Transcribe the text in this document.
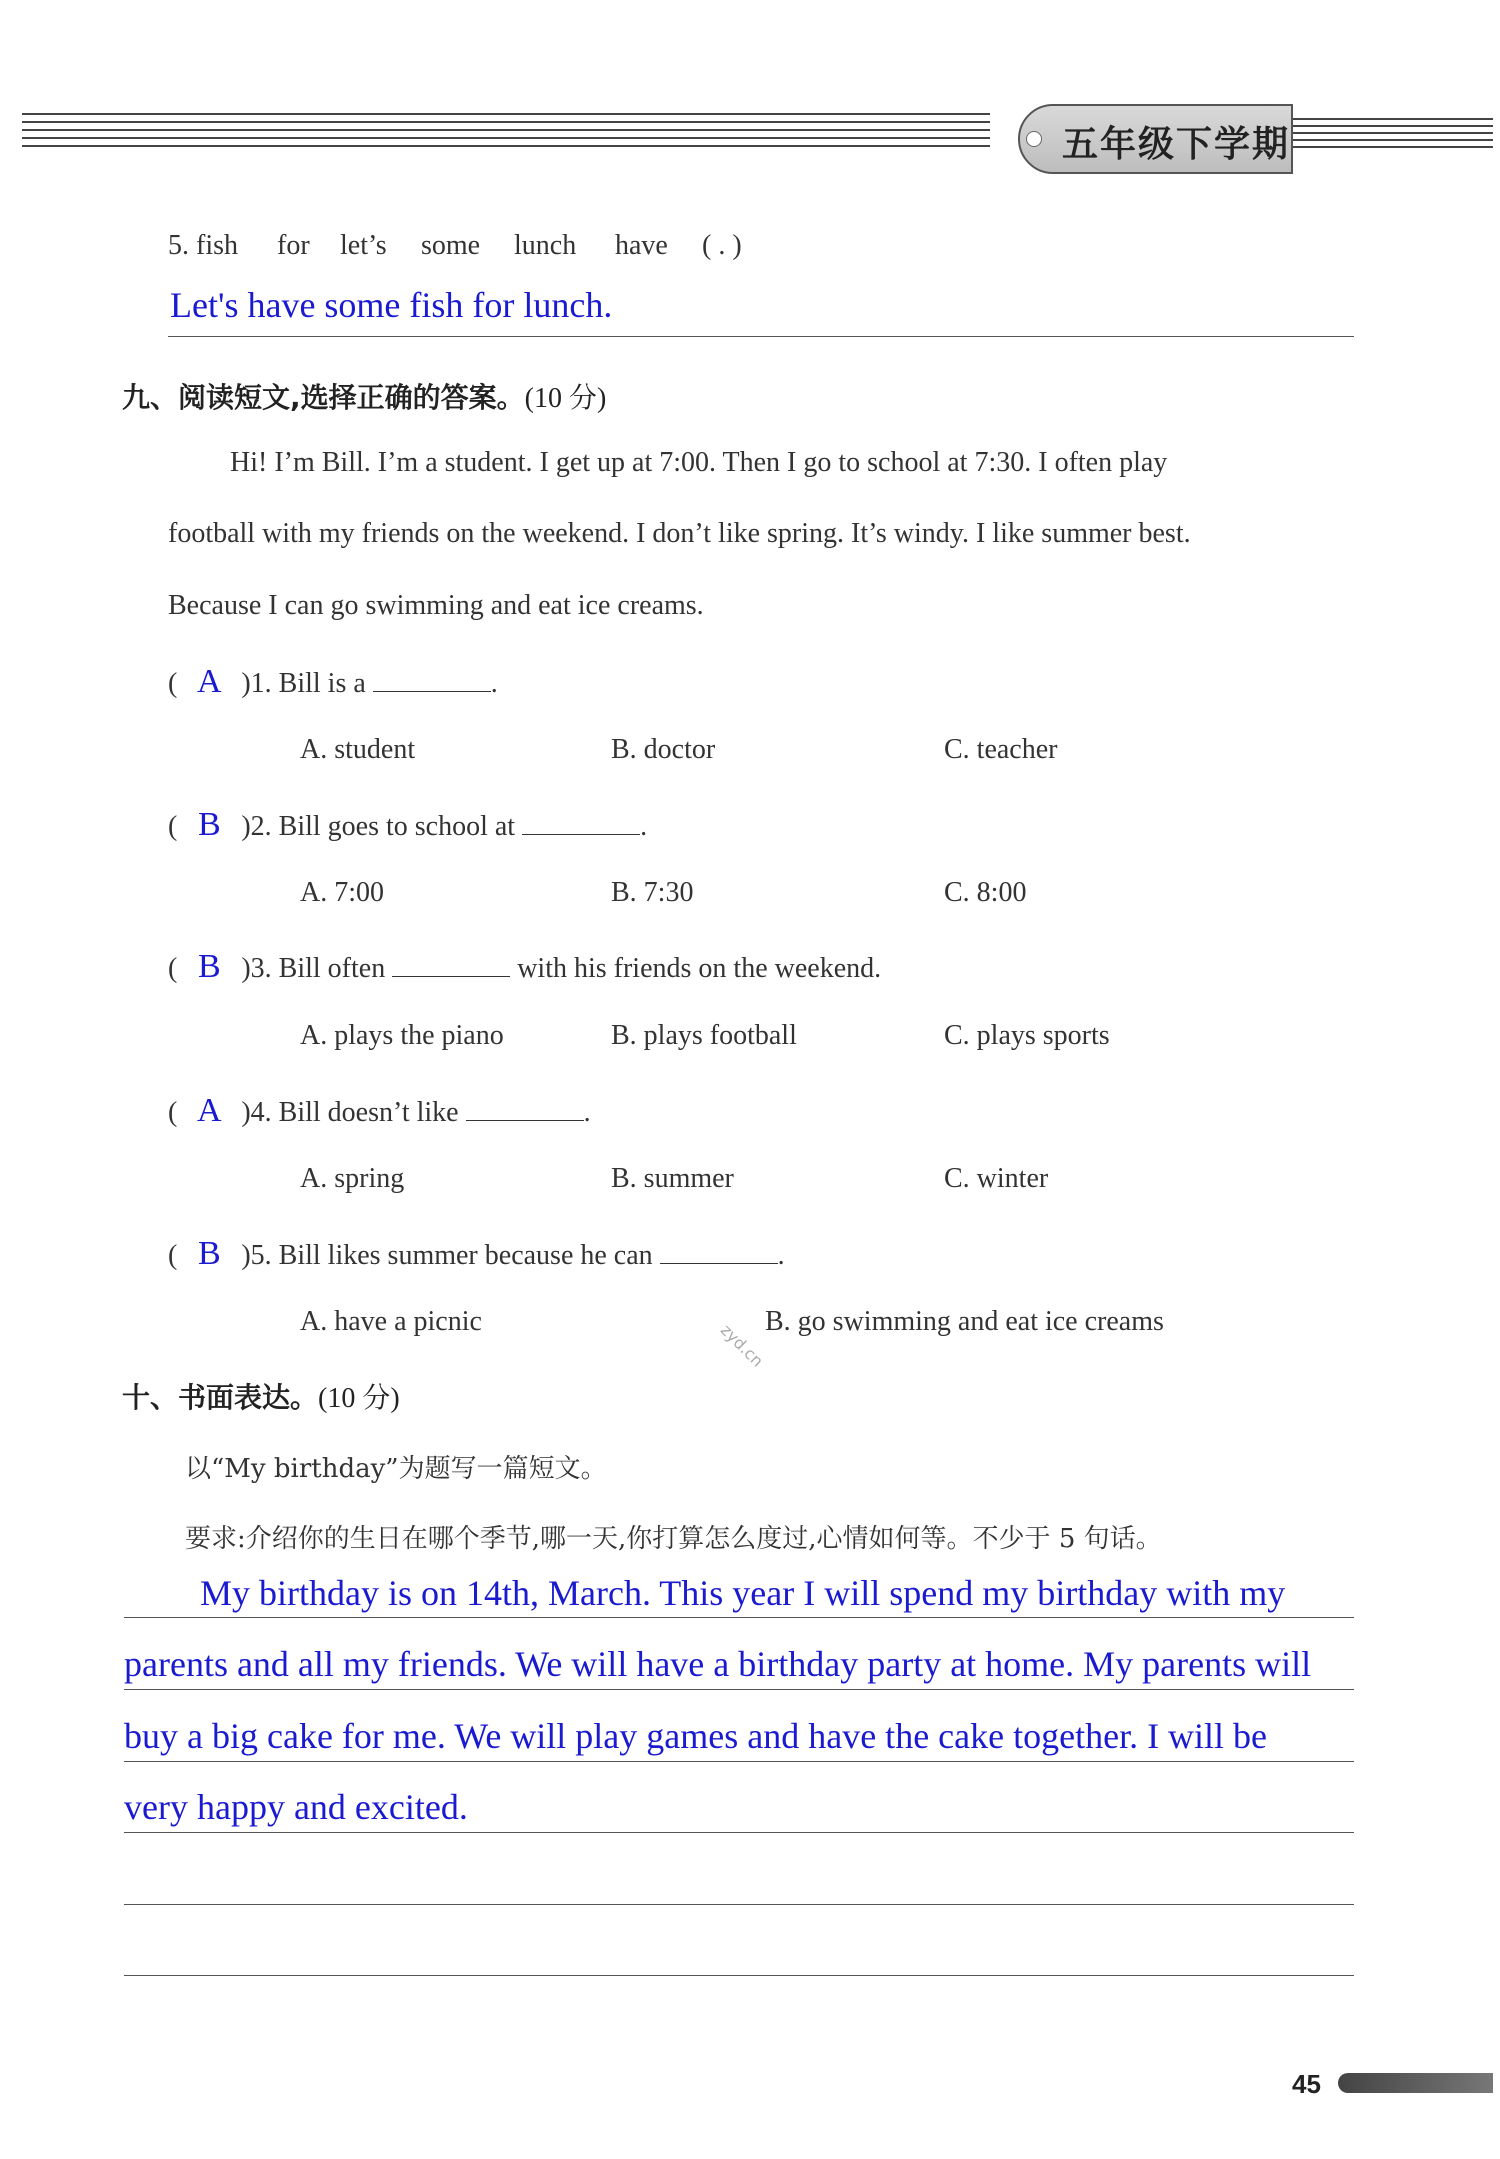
五年级下学期
5. fish for let’s some lunch have ( . )
Let's have some fish for lunch.
九、阅读短文,选择正确的答案。(10 分)
Hi! I’m Bill. I’m a student. I get up at 7:00. Then I go to school at 7:30. I often play
football with my friends on the weekend. I don’t like spring. It’s windy. I like summer best.
Because I can go swimming and eat ice creams.
( A )1. Bill is a	.
A. student	B. doctor	C. teacher
( B )2. Bill goes to school at	.
A. 7:00	B. 7:30	C. 8:00
( B )3. Bill often	with his friends on the weekend.
A. plays the piano	B. plays football	C. plays sports
( A )4. Bill doesn’t like	.
A. spring	B. summer	C. winter
( B )5. Bill likes summer because he can	.
A. have a picnic	B. go swimming and eat ice creams
zyd.cn
十、书面表达。(10 分)
以“My birthday”为题写一篇短文。
要求:介绍你的生日在哪个季节,哪一天,你打算怎么度过,心情如何等。不少于 5 句话。
My birthday is on 14th, March. This year I will spend my birthday with my
parents and all my friends. We will have a birthday party at home. My parents will
buy a big cake for me. We will play games and have the cake together. I will be
very happy and excited.
45
